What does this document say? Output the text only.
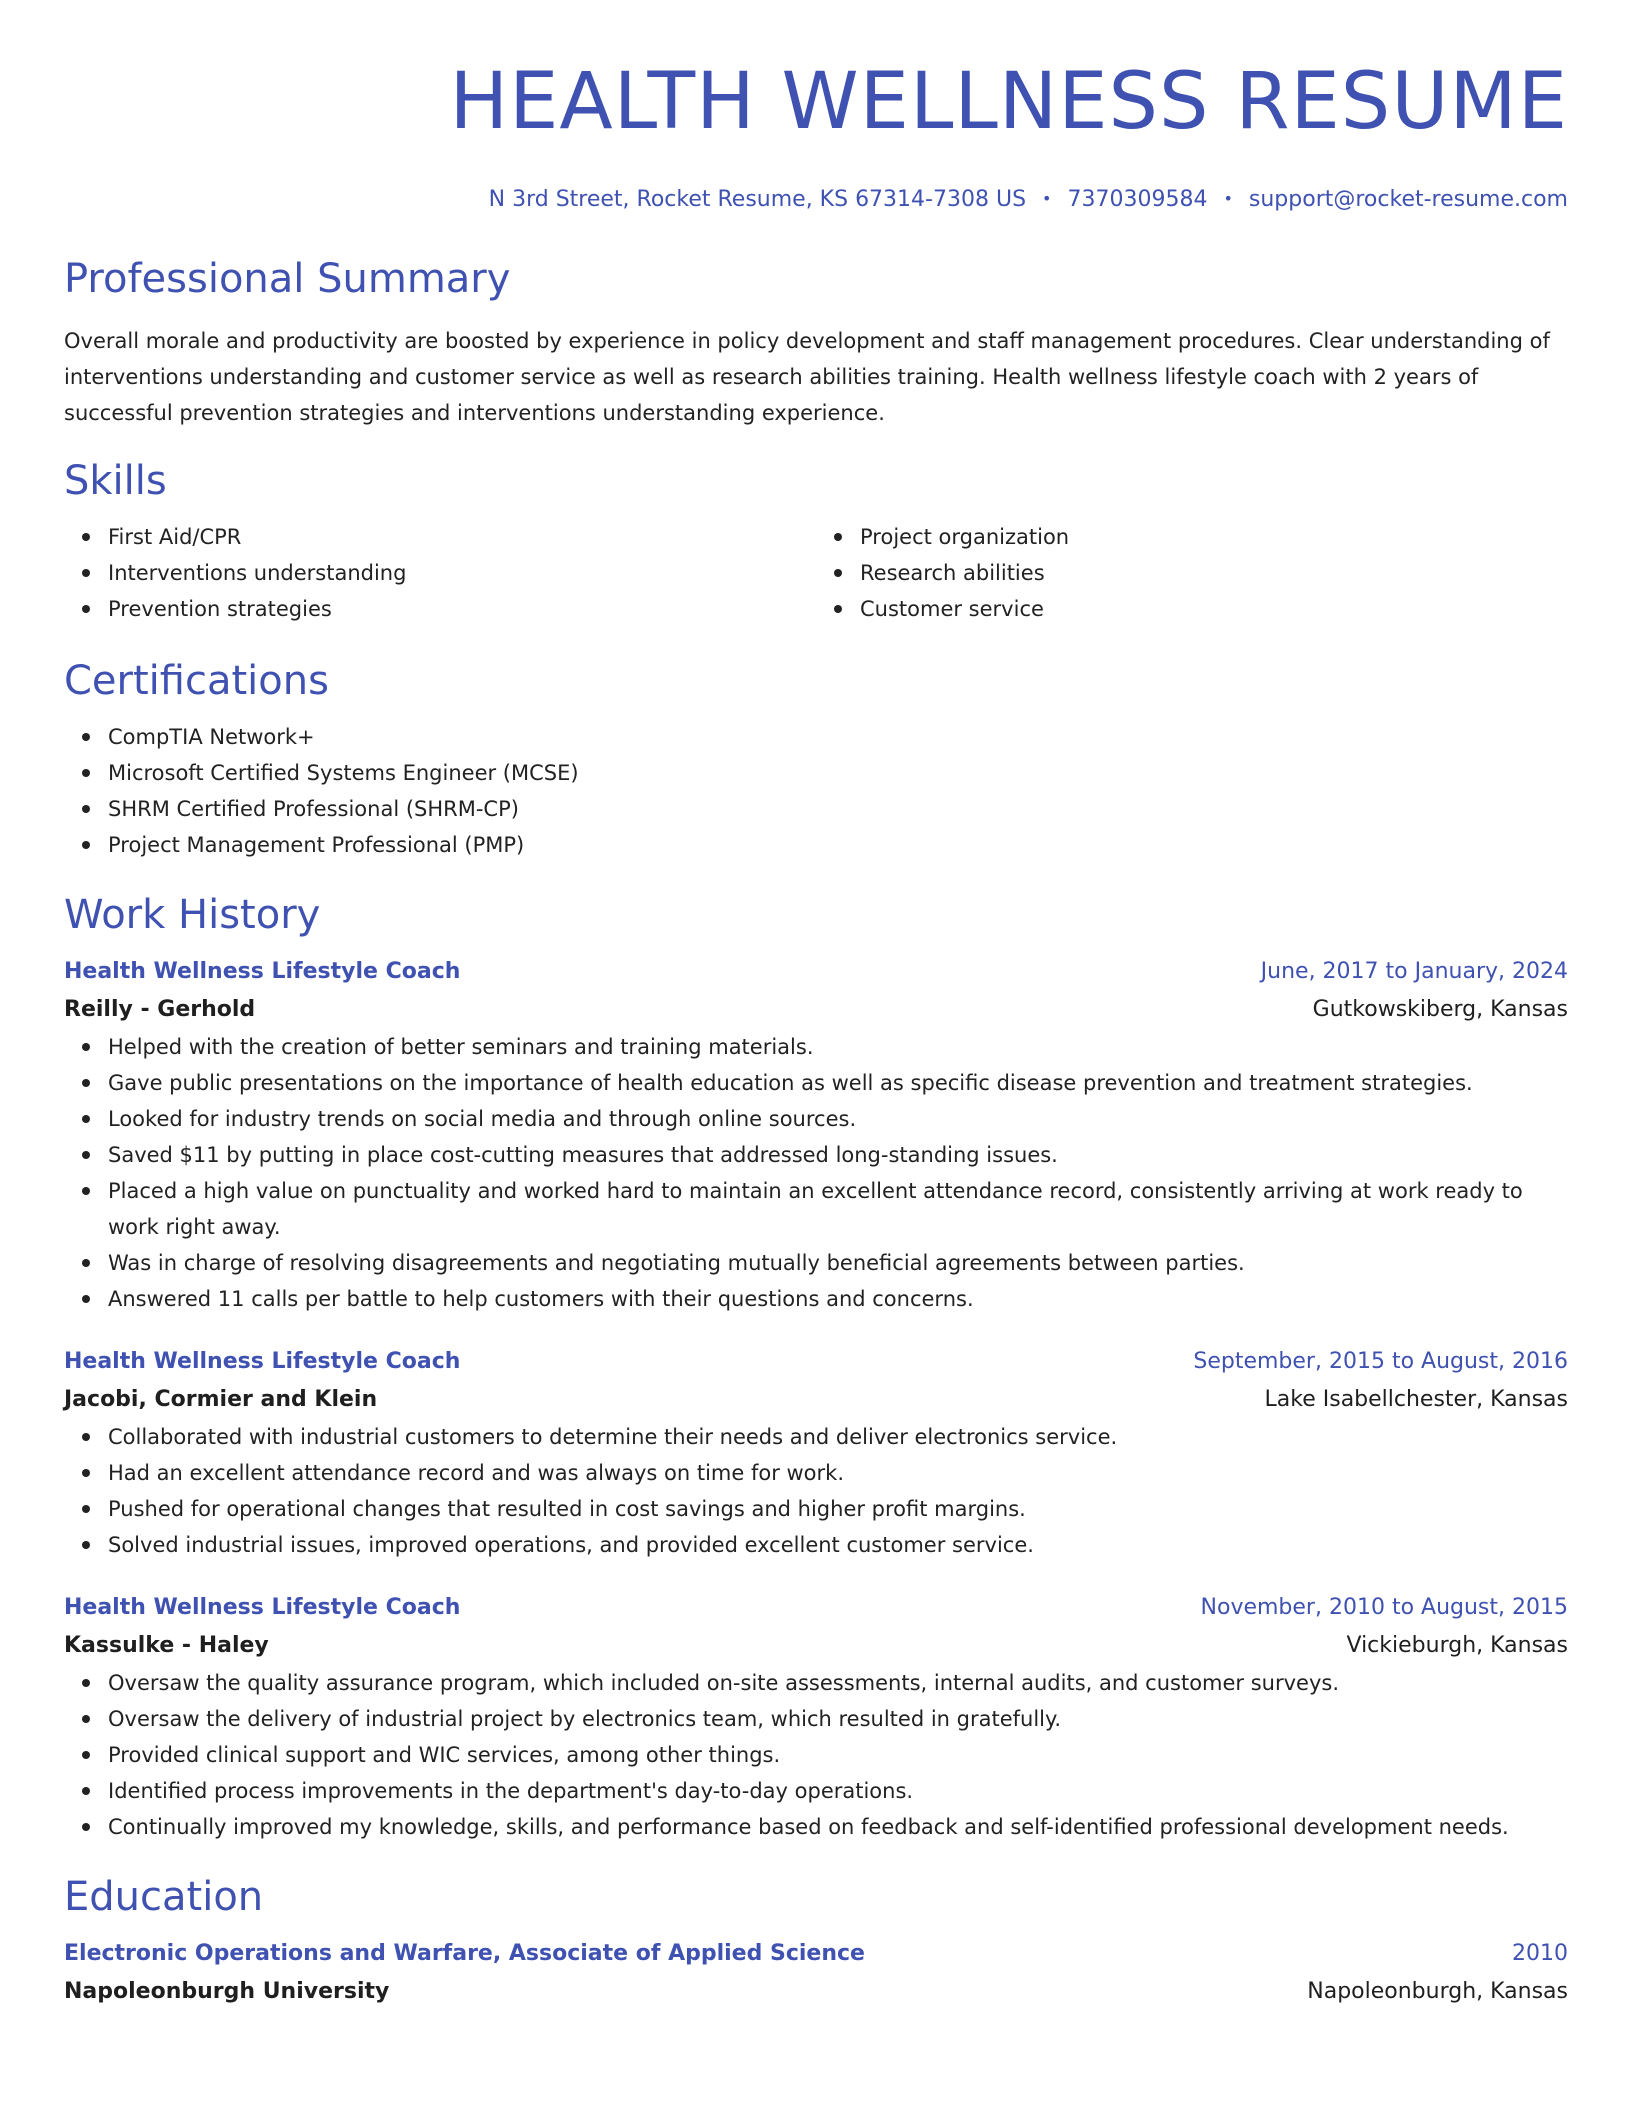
HEALTH WELLNESS RESUME
N 3rd Street, Rocket Resume, KS 67314-7308 US • 7370309584 • support@rocket-resume.com
Professional Summary

Overall morale and productivity are boosted by experience in policy development and staff management procedures. Clear understanding of interventions understanding and customer service as well as research abilities training. Health wellness lifestyle coach with 2 years of successful prevention strategies and interventions understanding experience.

Skills
First Aid/CPR
Interventions understanding
Prevention strategies
Project organization
Research abilities
Customer service
Certifications
CompTIA Network+
Microsoft Certified Systems Engineer (MCSE)
SHRM Certified Professional (SHRM-CP)
Project Management Professional (PMP)
Work History
Health Wellness Lifestyle Coach	June, 2017 to January, 2024
Reilly - Gerhold	Gutkowskiberg, Kansas
Helped with the creation of better seminars and training materials.
Gave public presentations on the importance of health education as well as specific disease prevention and treatment strategies.
Looked for industry trends on social media and through online sources.
Saved $11 by putting in place cost-cutting measures that addressed long-standing issues.
Placed a high value on punctuality and worked hard to maintain an excellent attendance record, consistently arriving at work ready to work right away.
Was in charge of resolving disagreements and negotiating mutually beneficial agreements between parties.
Answered 11 calls per battle to help customers with their questions and concerns.
Health Wellness Lifestyle Coach	September, 2015 to August, 2016
Jacobi, Cormier and Klein	Lake Isabellchester, Kansas
Collaborated with industrial customers to determine their needs and deliver electronics service.
Had an excellent attendance record and was always on time for work.
Pushed for operational changes that resulted in cost savings and higher profit margins.
Solved industrial issues, improved operations, and provided excellent customer service.
Health Wellness Lifestyle Coach	November, 2010 to August, 2015
Kassulke - Haley	Vickieburgh, Kansas
Oversaw the quality assurance program, which included on-site assessments, internal audits, and customer surveys.
Oversaw the delivery of industrial project by electronics team, which resulted in gratefully.
Provided clinical support and WIC services, among other things.
Identified process improvements in the department's day-to-day operations.
Continually improved my knowledge, skills, and performance based on feedback and self-identified professional development needs.
Education
Electronic Operations and Warfare, Associate of Applied Science	2010
Napoleonburgh University	Napoleonburgh, Kansas
